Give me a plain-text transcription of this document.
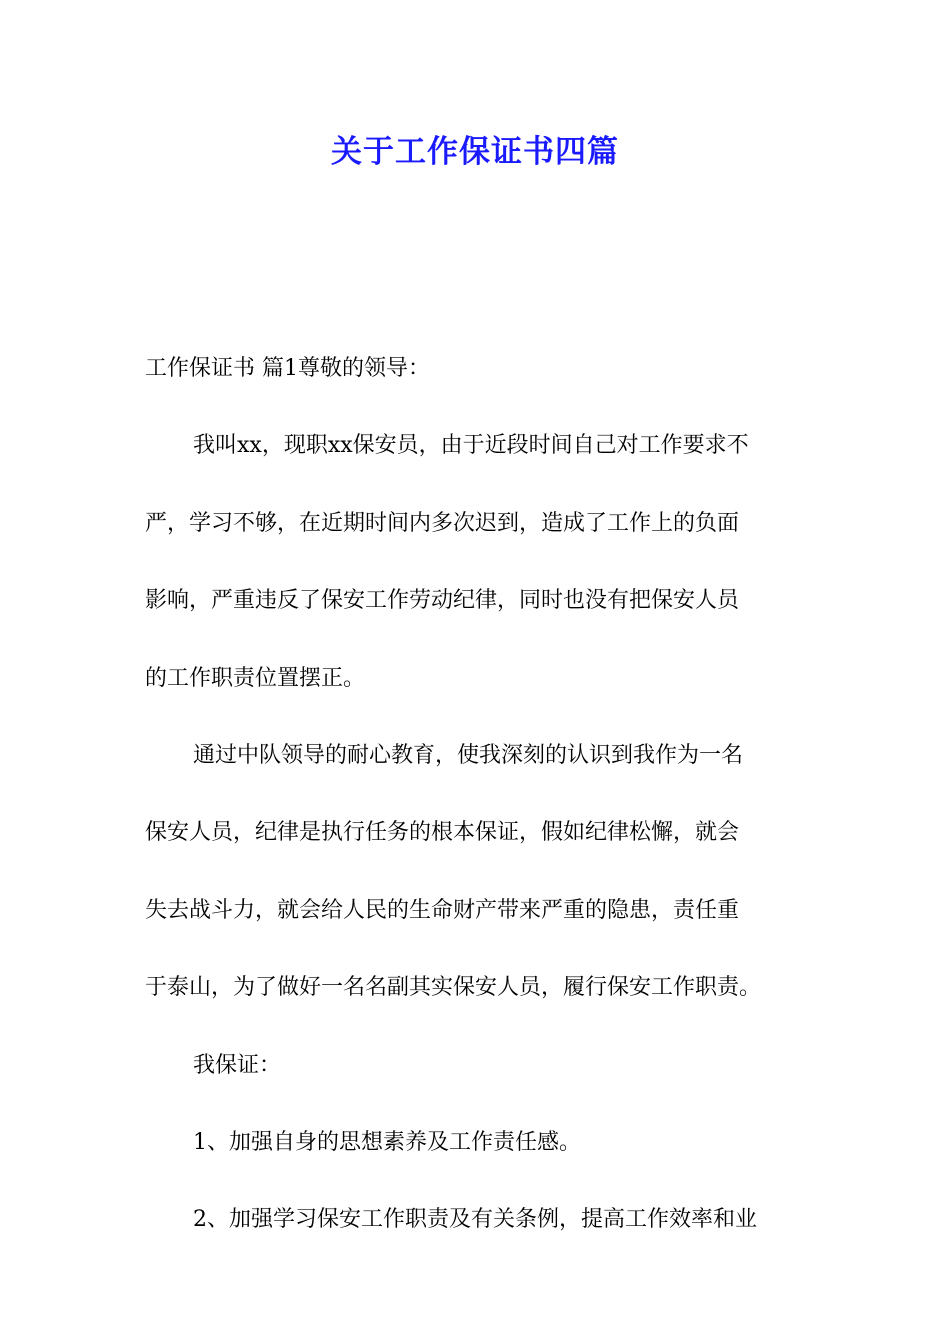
关于工作保证书四篇
工作保证书 篇1尊敬的领导：
我叫xx，现职xx保安员，由于近段时间自己对工作要求不
严，学习不够，在近期时间内多次迟到，造成了工作上的负面
影响，严重违反了保安工作劳动纪律，同时也没有把保安人员
的工作职责位置摆正。
通过中队领导的耐心教育，使我深刻的认识到我作为一名
保安人员，纪律是执行任务的根本保证，假如纪律松懈，就会
失去战斗力，就会给人民的生命财产带来严重的隐患，责任重
于泰山，为了做好一名名副其实保安人员，履行保安工作职责。
我保证：
1、加强自身的思想素养及工作责任感。
2、加强学习保安工作职责及有关条例，提高工作效率和业
